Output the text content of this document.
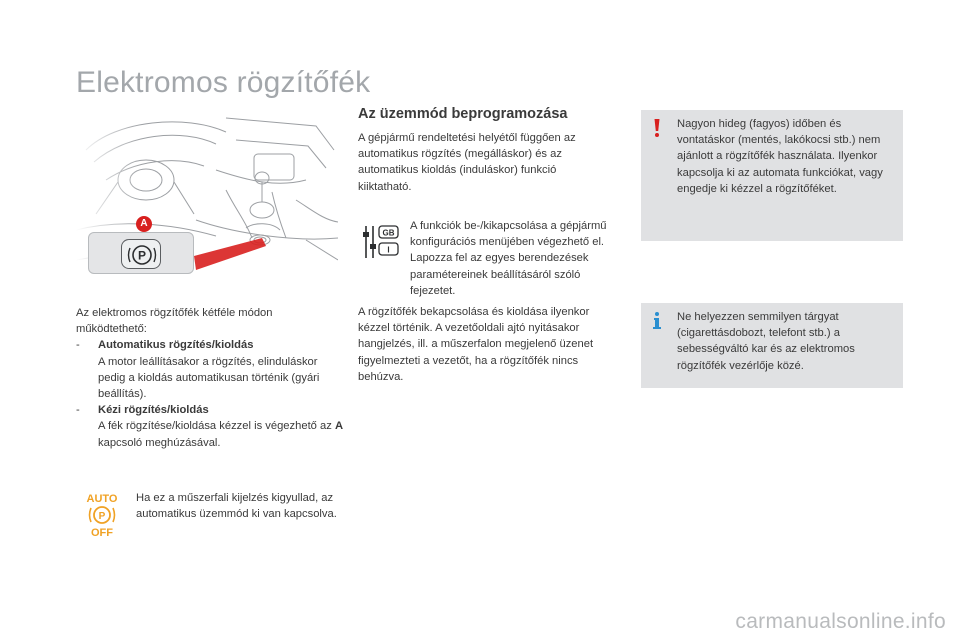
Elektromos rögzítőfék
P
A

Az elektromos rögzítőfék kétféle módon működtethető:

-	Automatikus rögzítés/kioldás

A motor leállításakor a rögzítés, elinduláskor pedig a kioldás automatikusan történik (gyári beállítás).

-	Kézi rögzítés/kioldás

A fék rögzítése/kioldása kézzel is végezhető az A kapcsoló meghúzásával.

AUTO
P
OFF

Ha ez a műszerfali kijelzés kigyullad, az automatikus üzemmód ki van kapcsolva.

Az üzemmód beprogramozása

A gépjármű rendeltetési helyétől függően az automatikus rögzítés (megálláskor) és az automatikus kioldás (induláskor) funkció kiiktatható.

GB
I

A funkciók be-/kikapcsolása a gépjármű konfigurációs menüjében végezhető el. Lapozza fel az egyes berendezések paramétereinek beállításáról szóló fejezetet.

A rögzítőfék bekapcsolása és kioldása ilyenkor kézzel történik. A vezetőoldali ajtó nyitásakor hangjelzés, ill. a műszerfalon megjelenő üzenet figyelmezteti a vezetőt, ha a rögzítőfék nincs behúzva.

Nagyon hideg (fagyos) időben és vontatáskor (mentés, lakókocsi stb.) nem ajánlott a rögzítőfék használata. Ilyenkor kapcsolja ki az automata funkciókat, vagy engedje ki kézzel a rögzítőféket.

Ne helyezzen semmilyen tárgyat (cigarettásdobozt, telefont stb.) a sebességváltó kar és az elektromos rögzítőfék vezérlője közé.

carmanualsonline.info
